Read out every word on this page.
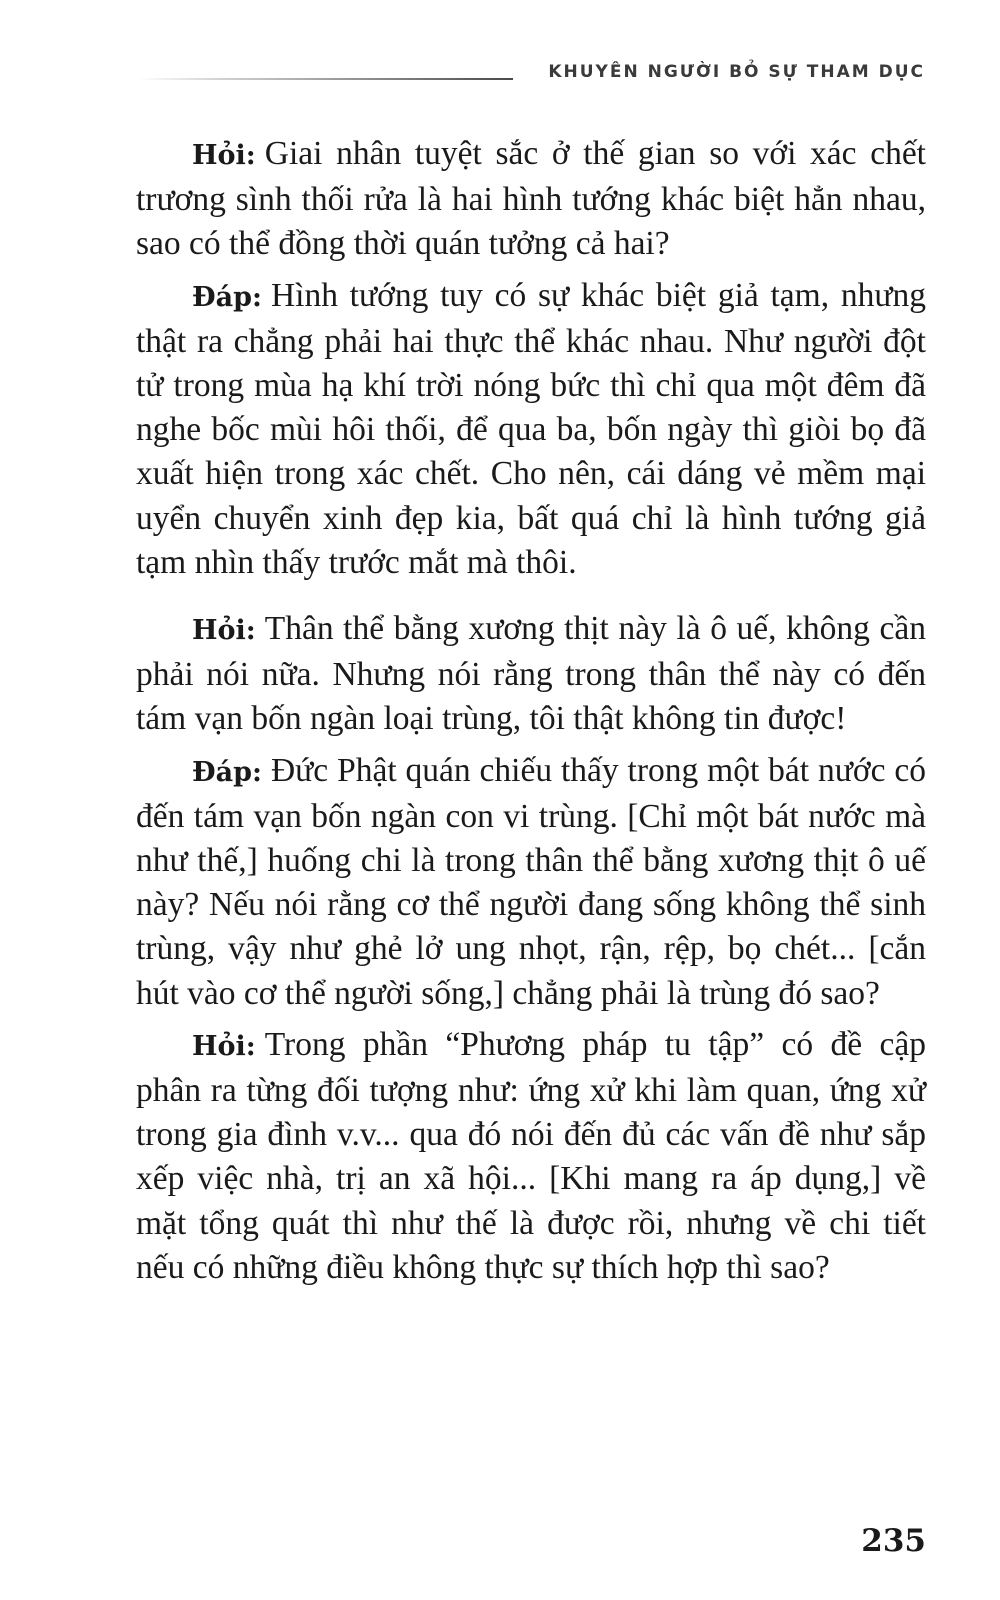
KHUYÊN NGƯỜI BỎ SỰ THAM DỤC

Hỏi: Giai nhân tuyệt sắc ở thế gian so với xác chết trương sình thối rửa là hai hình tướng khác biệt hẳn nhau, sao có thể đồng thời quán tưởng cả hai?

Đáp: Hình tướng tuy có sự khác biệt giả tạm, nhưng thật ra chẳng phải hai thực thể khác nhau. Như người đột tử trong mùa hạ khí trời nóng bức thì chỉ qua một đêm đã nghe bốc mùi hôi thối, để qua ba, bốn ngày thì giòi bọ đã xuất hiện trong xác chết. Cho nên, cái dáng vẻ mềm mại uyển chuyển xinh đẹp kia, bất quá chỉ là hình tướng giả tạm nhìn thấy trước mắt mà thôi.

Hỏi: Thân thể bằng xương thịt này là ô uế, không cần phải nói nữa. Nhưng nói rằng trong thân thể này có đến tám vạn bốn ngàn loại trùng, tôi thật không tin được!

Đáp: Đức Phật quán chiếu thấy trong một bát nước có đến tám vạn bốn ngàn con vi trùng. [Chỉ một bát nước mà như thế,] huống chi là trong thân thể bằng xương thịt ô uế này? Nếu nói rằng cơ thể người đang sống không thể sinh trùng, vậy như ghẻ lở ung nhọt, rận, rệp, bọ chét... [cắn hút vào cơ thể người sống,] chẳng phải là trùng đó sao?

Hỏi: Trong phần “Phương pháp tu tập” có đề cập phân ra từng đối tượng như: ứng xử khi làm quan, ứng xử trong gia đình v.v... qua đó nói đến đủ các vấn đề như sắp xếp việc nhà, trị an xã hội... [Khi mang ra áp dụng,] về mặt tổng quát thì như thế là được rồi, nhưng về chi tiết nếu có những điều không thực sự thích hợp thì sao?

235
